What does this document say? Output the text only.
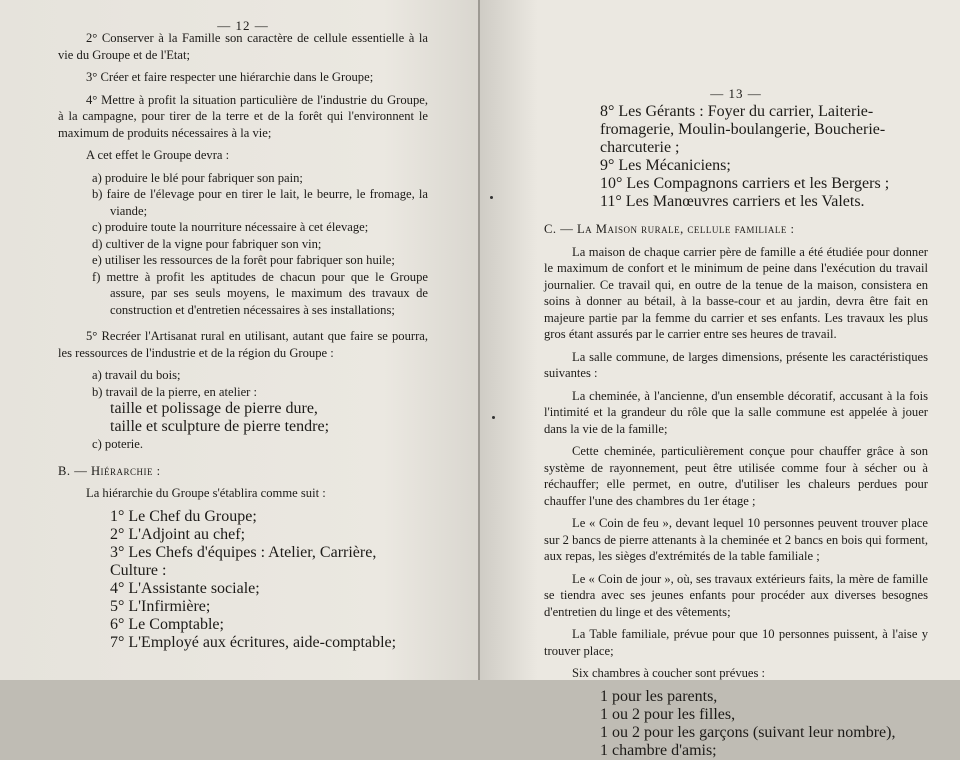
— 12 —

2° Conserver à la Famille son caractère de cellule essentielle à la vie du Groupe et de l'Etat;

3° Créer et faire respecter une hiérarchie dans le Groupe;

4° Mettre à profit la situation particulière de l'industrie du Groupe, à la campagne, pour tirer de la terre et de la forêt qui l'environnent le maximum de produits nécessaires à la vie;

A cet effet le Groupe devra :

a) produire le blé pour fabriquer son pain;
b) faire de l'élevage pour en tirer le lait, le beurre, le fromage, la viande;
c) produire toute la nourriture nécessaire à cet élevage;
d) cultiver de la vigne pour fabriquer son vin;
e) utiliser les ressources de la forêt pour fabriquer son huile;
f) mettre à profit les aptitudes de chacun pour que le Groupe assure, par ses seuls moyens, le maximum des travaux de construction et d'entretien nécessaires à ses installations;

5° Recréer l'Artisanat rural en utilisant, autant que faire se pourra, les ressources de l'industrie et de la région du Groupe :

a) travail du bois;
b) travail de la pierre, en atelier :
taille et polissage de pierre dure,
taille et sculpture de pierre tendre;
c) poterie.
B. — Hiérarchie :

La hiérarchie du Groupe s'établira comme suit :

1° Le Chef du Groupe;
2° L'Adjoint au chef;
3° Les Chefs d'équipes : Atelier, Carrière, Culture :
4° L'Assistante sociale;
5° L'Infirmière;
6° Le Comptable;
7° L'Employé aux écritures, aide-comptable;
— 13 —
8° Les Gérants : Foyer du carrier, Laiterie-fromagerie, Moulin-boulangerie, Boucherie-charcuterie ;
9° Les Mécaniciens;
10° Les Compagnons carriers et les Bergers ;
11° Les Manœuvres carriers et les Valets.
C. — La Maison rurale, cellule familiale :

La maison de chaque carrier père de famille a été étudiée pour donner le maximum de confort et le minimum de peine dans l'exécution du travail journalier. Ce travail qui, en outre de la tenue de la maison, consistera en soins à donner au bétail, à la basse-cour et au jardin, devra être fait en majeure partie par la femme du carrier et ses enfants. Les travaux les plus gros étant assurés par le carrier entre ses heures de travail.

La salle commune, de larges dimensions, présente les caractéristiques suivantes :

La cheminée, à l'ancienne, d'un ensemble décoratif, accusant à la fois l'intimité et la grandeur du rôle que la salle commune est appelée à jouer dans la vie de la famille;

Cette cheminée, particulièrement conçue pour chauffer grâce à son système de rayonnement, peut être utilisée comme four à sécher ou à réchauffer; elle permet, en outre, d'utiliser les chaleurs perdues pour chauffer l'une des chambres du 1er étage ;

Le « Coin de feu », devant lequel 10 personnes peuvent trouver place sur 2 bancs de pierre attenants à la cheminée et 2 bancs en bois qui forment, aux repas, les sièges d'extrémités de la table familiale ;

Le « Coin de jour », où, ses travaux extérieurs faits, la mère de famille se tiendra avec ses jeunes enfants pour procéder aux diverses besognes d'entretien du linge et des vêtements;

La Table familiale, prévue pour que 10 personnes puissent, à l'aise y trouver place;

Six chambres à coucher sont prévues :

1 pour les parents,
1 ou 2 pour les filles,
1 ou 2 pour les garçons (suivant leur nombre),
1 chambre d'amis;
